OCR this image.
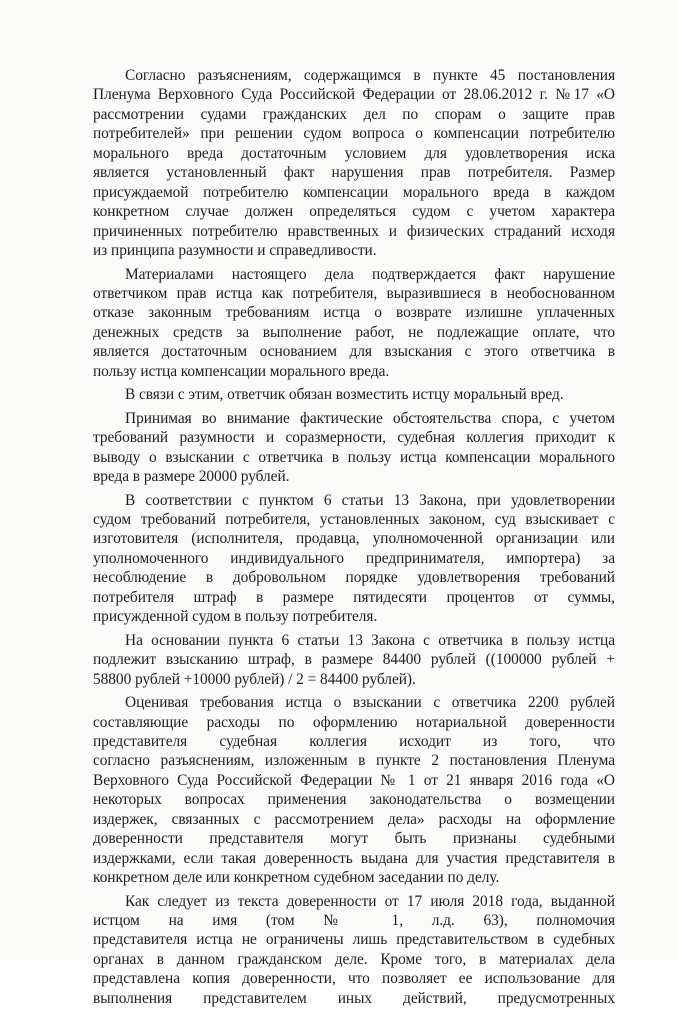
Согласно разъяснениям, содержащимся в пункте 45 постановления
Пленума Верховного Суда Российской Федерации от 28.06.2012 г. №17 «О
рассмотрении судами гражданских дел по спорам о защите прав
потребителей» при решении судом вопроса о компенсации потребителю
морального вреда достаточным условием для удовлетворения иска
является установленный факт нарушения прав потребителя. Размер
присуждаемой потребителю компенсации морального вреда в каждом
конкретном случае должен определяться судом с учетом характера
причиненных потребителю нравственных и физических страданий исходя
из принципа разумности и справедливости.

Материалами настоящего дела подтверждается факт нарушение
ответчиком прав истца как потребителя, выразившиеся в необоснованном
отказе законным требованиям истца о возврате излишне уплаченных
денежных средств за выполнение работ, не подлежащие оплате, что
является достаточным основанием для взыскания с этого ответчика в
пользу истца компенсации морального вреда.

В связи с этим, ответчик обязан возместить истцу моральный вред.

Принимая во внимание фактические обстоятельства спора, с учетом
требований разумности и соразмерности, судебная коллегия приходит к
выводу о взыскании с ответчика в пользу истца компенсации морального
вреда в размере 20000 рублей.

В соответствии с пунктом 6 статьи 13 Закона, при удовлетворении
судом требований потребителя, установленных законом, суд взыскивает с
изготовителя (исполнителя, продавца, уполномоченной организации или
уполномоченного индивидуального предпринимателя, импортера) за
несоблюдение в добровольном порядке удовлетворения требований
потребителя штраф в размере пятидесяти процентов от суммы,
присужденной судом в пользу потребителя.

На основании пункта 6 статьи 13 Закона с ответчика в пользу истца
подлежит взысканию штраф, в размере 84400 рублей ((100000 рублей +
58800 рублей +10000 рублей) / 2 = 84400 рублей).

Оценивая требования истца о взыскании с ответчика 2200 рублей
составляющие расходы по оформлению нотариальной доверенности
представителя судебная коллегия исходит из того, что
согласно разъяснениям, изложенным в пункте 2 постановления Пленума
Верховного Суда Российской Федерации № 1 от 21 января 2016 года «О
некоторых вопросах применения законодательства о возмещении
издержек, связанных с рассмотрением дела» расходы на оформление
доверенности представителя могут быть признаны судебными
издержками, если такая доверенность выдана для участия представителя в
конкретном деле или конкретном судебном заседании по делу.

Как следует из текста доверенности от 17 июля 2018 года, выданной
истцом на имя (том № 1, л.д. 63), полномочия
представителя истца не ограничены лишь представительством в судебных
органах в данном гражданском деле. Кроме того, в материалах дела
представлена копия доверенности, что позволяет ее использование для
выполнения представителем иных действий, предусмотренных
